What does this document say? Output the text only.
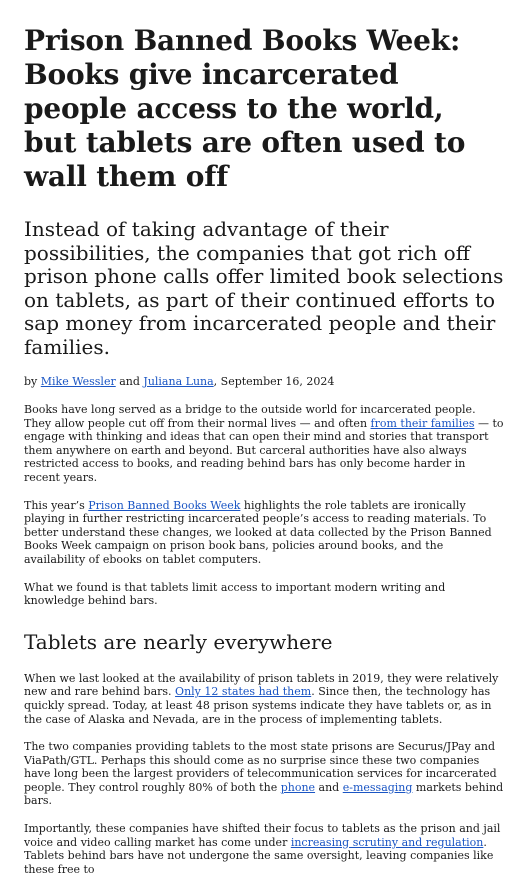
Prison Banned Books Week: Books give incarcerated people access to the world, but tablets are often used to wall them off

Instead of taking advantage of their possibilities, the companies that got rich off prison phone calls offer limited book selections on tablets, as part of their continued efforts to sap money from incarcerated people and their families.

by Mike Wessler and Juliana Luna, September 16, 2024

Books have long served as a bridge to the outside world for incarcerated people. They allow people cut off from their normal lives — and often from their families — to engage with thinking and ideas that can open their mind and stories that transport them anywhere on earth and beyond. But carceral authorities have also always restricted access to books, and reading behind bars has only become harder in recent years.

This year’s Prison Banned Books Week highlights the role tablets are ironically playing in further restricting incarcerated people’s access to reading materials. To better understand these changes, we looked at data collected by the Prison Banned Books Week campaign on prison book bans, policies around books, and the availability of ebooks on tablet computers.

What we found is that tablets limit access to important modern writing and knowledge behind bars.

Tablets are nearly everywhere

When we last looked at the availability of prison tablets in 2019, they were relatively new and rare behind bars. Only 12 states had them. Since then, the technology has quickly spread. Today, at least 48 prison systems indicate they have tablets or, as in the case of Alaska and Nevada, are in the process of implementing tablets.

The two companies providing tablets to the most state prisons are Securus/JPay and ViaPath/GTL. Perhaps this should come as no surprise since these two companies have long been the largest providers of telecommunication services for incarcerated people. They control roughly 80% of both the phone and e-messaging markets behind bars.

Importantly, these companies have shifted their focus to tablets as the prison and jail voice and video calling market has come under increasing scrutiny and regulation. Tablets behind bars have not undergone the same oversight, leaving companies like these free to
